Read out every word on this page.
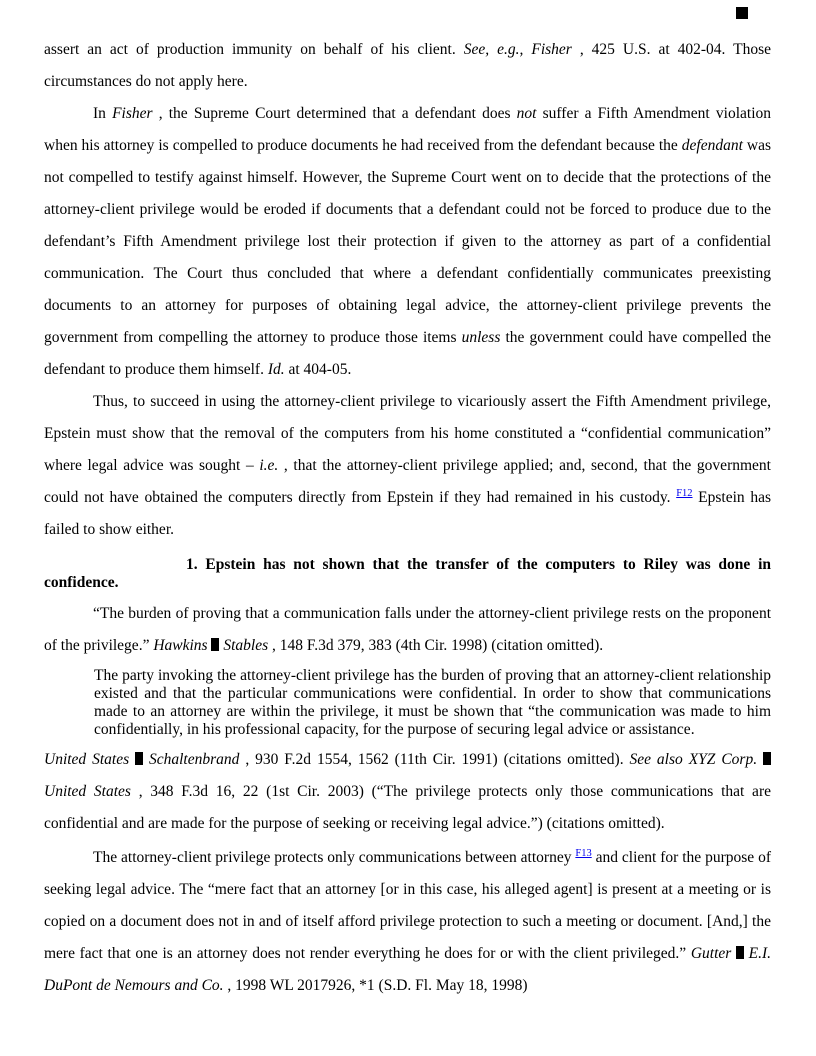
assert an act of production immunity on behalf of his client. See, e.g., Fisher , 425 U.S. at 402-04. Those circumstances do not apply here.

In Fisher , the Supreme Court determined that a defendant does not suffer a Fifth Amendment violation when his attorney is compelled to produce documents he had received from the defendant because the defendant was not compelled to testify against himself. However, the Supreme Court went on to decide that the protections of the attorney-client privilege would be eroded if documents that a defendant could not be forced to produce due to the defendant’s Fifth Amendment privilege lost their protection if given to the attorney as part of a confidential communication. The Court thus concluded that where a defendant confidentially communicates preexisting documents to an attorney for purposes of obtaining legal advice, the attorney-client privilege prevents the government from compelling the attorney to produce those items unless the government could have compelled the defendant to produce them himself. Id. at 404-05.

Thus, to succeed in using the attorney-client privilege to vicariously assert the Fifth Amendment privilege, Epstein must show that the removal of the computers from his home constituted a “confidential communication” where legal advice was sought – i.e. , that the attorney-client privilege applied; and, second, that the government could not have obtained the computers directly from Epstein if they had remained in his custody. $^{F12}$ Epstein has failed to show either.

1. Epstein has not shown that the transfer of the computers to Riley was done in confidence.

“The burden of proving that a communication falls under the attorney-client privilege rests on the proponent of the privilege.” Hawkins  Stables , 148 F.3d 379, 383 (4th Cir. 1998) (citation omitted).

The party invoking the attorney-client privilege has the burden of proving that an attorney-client relationship existed and that the particular communications were confidential. In order to show that communications made to an attorney are within the privilege, it must be shown that “the communication was made to him confidentially, in his professional capacity, for the purpose of securing legal advice or assistance.

United States  Schaltenbrand , 930 F.2d 1554, 1562 (11th Cir. 1991) (citations omitted). See also XYZ Corp.  United States , 348 F.3d 16, 22 (1st Cir. 2003) (“The privilege protects only those communications that are confidential and are made for the purpose of seeking or receiving legal advice.”) (citations omitted).

The attorney-client privilege protects only communications between attorney $^{F13}$ and client for the purpose of seeking legal advice. The “mere fact that an attorney [or in this case, his alleged agent] is present at a meeting or is copied on a document does not in and of itself afford privilege protection to such a meeting or document. [And,] the mere fact that one is an attorney does not render everything he does for or with the client privileged.” Gutter  E.I. DuPont de Nemours and Co. , 1998 WL 2017926, *1 (S.D. Fl. May 18, 1998)
